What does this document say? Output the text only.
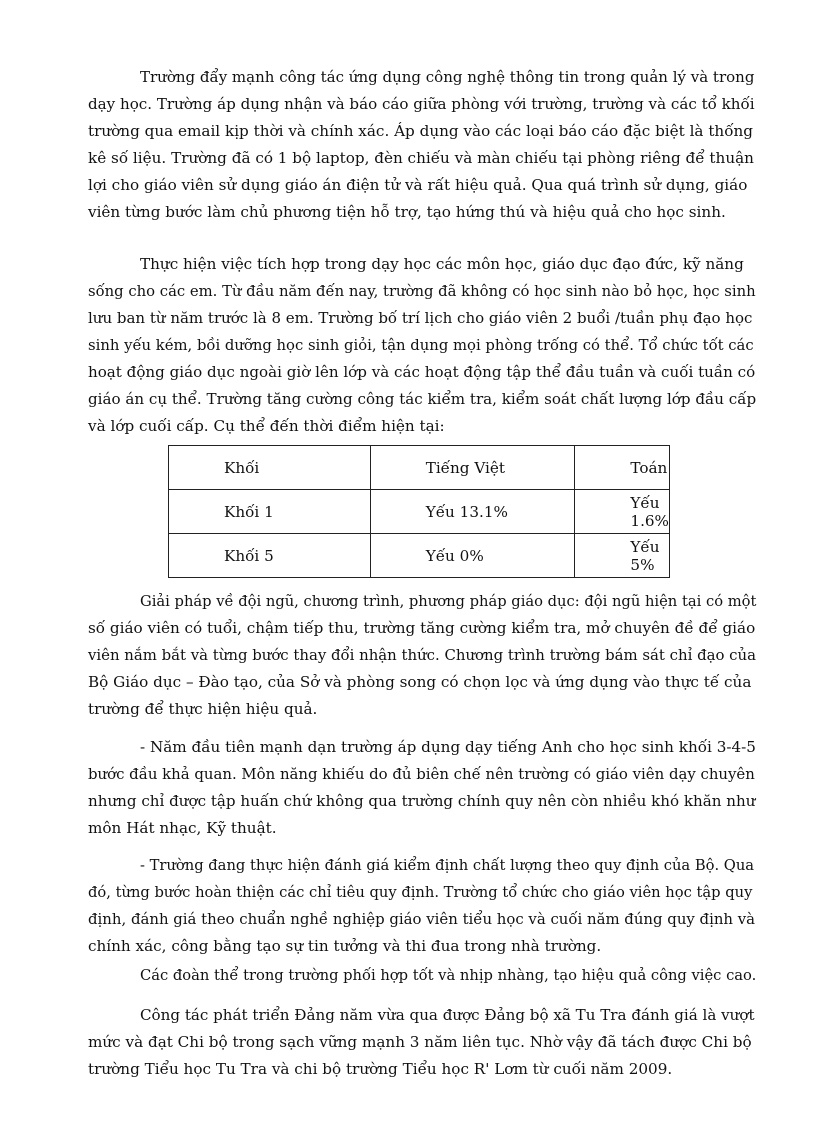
Trường đẩy mạnh công tác ứng dụng công nghệ thông tin trong quản lý và trong
dạy học. Trường áp dụng nhận và báo cáo giữa phòng với trường, trường và các tổ khối
trường qua email kịp thời và chính xác. Áp dụng vào các loại báo cáo đặc biệt là thống
kê số liệu. Trường đã có 1 bộ laptop, đèn chiếu và màn chiếu tại phòng riêng để thuận
lợi cho giáo viên sử dụng giáo án điện tử và rất hiệu quả. Qua quá trình sử dụng, giáo
viên từng bước làm chủ phương tiện hỗ trợ, tạo hứng thú và hiệu quả cho học sinh.

Thực hiện việc tích hợp trong dạy học các môn học, giáo dục đạo đức, kỹ năng
sống cho các em. Từ đầu năm đến nay, trường đã không có học sinh nào bỏ học, học sinh
lưu ban từ năm trước là 8 em. Trường bố trí lịch cho giáo viên 2 buổi /tuần phụ đạo học
sinh yếu kém, bồi dưỡng học sinh giỏi, tận dụng mọi phòng trống có thể. Tổ chức tốt các
hoạt động giáo dục ngoài giờ lên lớp và các hoạt động tập thể đầu tuần và cuối tuần có
giáo án cụ thể. Trường tăng cường công tác kiểm tra, kiểm soát chất lượng lớp đầu cấp
và lớp cuối cấp. Cụ thể đến thời điểm hiện tại:

Khối	Tiếng Việt	Toán
Khối 1	Yếu 13.1%	Yếu 1.6%
Khối 5	Yếu 0%	Yếu 5%

Giải pháp về đội ngũ, chương trình, phương pháp giáo dục: đội ngũ hiện tại có một
số giáo viên có tuổi, chậm tiếp thu, trường tăng cường kiểm tra, mở chuyên đề để giáo
viên nắm bắt và từng bước thay đổi nhận thức. Chương trình trường bám sát chỉ đạo của
Bộ Giáo dục – Đào tạo, của Sở và phòng song có chọn lọc và ứng dụng vào thực tế của
trường để thực hiện hiệu quả.

- Năm đầu tiên mạnh dạn trường áp dụng dạy tiếng Anh cho học sinh khối 3-4-5
bước đầu khả quan. Môn năng khiếu do đủ biên chế nên trường có giáo viên dạy chuyên
nhưng chỉ được tập huấn chứ không qua trường chính quy nên còn nhiều khó khăn như
môn Hát nhạc, Kỹ thuật.

- Trường đang thực hiện đánh giá kiểm định chất lượng theo quy định của Bộ. Qua
đó, từng bước hoàn thiện các chỉ tiêu quy định. Trường tổ chức cho giáo viên học tập quy
định, đánh giá theo chuẩn nghề nghiệp giáo viên tiểu học và cuối năm đúng quy định và
chính xác, công bằng tạo sự tin tưởng và thi đua trong nhà trường.

Các đoàn thể trong trường phối hợp tốt và nhịp nhàng, tạo hiệu quả công việc cao.

Công tác phát triển Đảng năm vừa qua được Đảng bộ xã Tu Tra đánh giá là vượt
mức và đạt Chi bộ trong sạch vững mạnh 3 năm liên tục. Nhờ vậy đã tách được Chi bộ
trường Tiểu học Tu Tra và chi bộ trường Tiểu học R' Lơm từ cuối năm 2009.
